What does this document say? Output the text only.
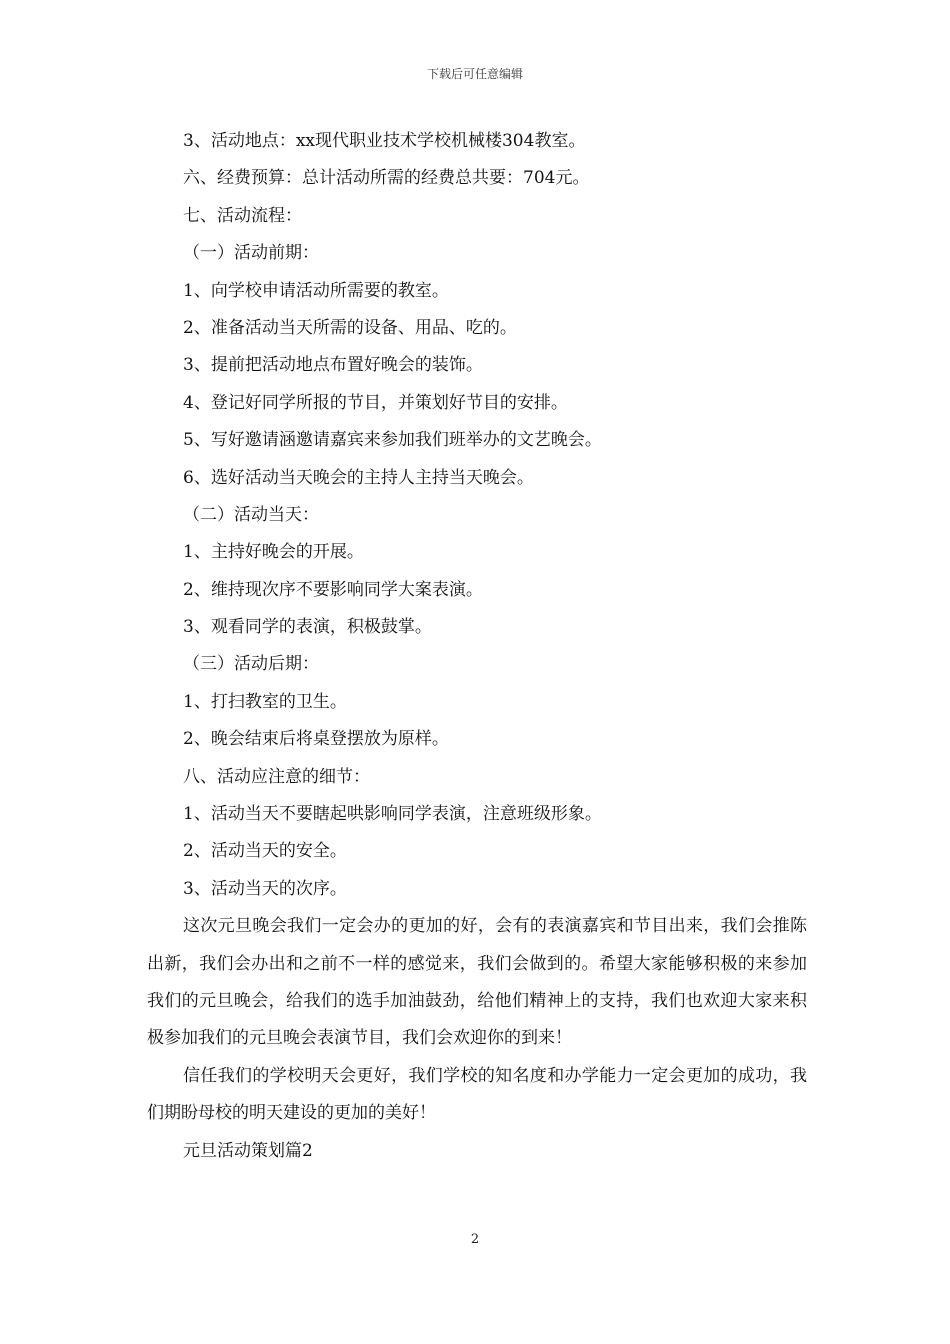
下载后可任意编辑
3、活动地点：xx现代职业技术学校机械楼304教室。
六、经费预算：总计活动所需的经费总共要：704元。
七、活动流程：
（一）活动前期：
1、向学校申请活动所需要的教室。
2、准备活动当天所需的设备、用品、吃的。
3、提前把活动地点布置好晚会的装饰。
4、登记好同学所报的节目，并策划好节目的安排。
5、写好邀请涵邀请嘉宾来参加我们班举办的文艺晚会。
6、选好活动当天晚会的主持人主持当天晚会。
（二）活动当天：
1、主持好晚会的开展。
2、维持现次序不要影响同学大案表演。
3、观看同学的表演，积极鼓掌。
（三）活动后期：
1、打扫教室的卫生。
2、晚会结束后将桌登摆放为原样。
八、活动应注意的细节：
1、活动当天不要瞎起哄影响同学表演，注意班级形象。
2、活动当天的安全。
3、活动当天的次序。

这次元旦晚会我们一定会办的更加的好，会有的表演嘉宾和节目出来，我们会推陈出新，我们会办出和之前不一样的感觉来，我们会做到的。希望大家能够积极的来参加我们的元旦晚会，给我们的选手加油鼓劲，给他们精神上的支持，我们也欢迎大家来积极参加我们的元旦晚会表演节目，我们会欢迎你的到来！

信任我们的学校明天会更好，我们学校的知名度和办学能力一定会更加的成功，我们期盼母校的明天建设的更加的美好！

元旦活动策划篇2
2
